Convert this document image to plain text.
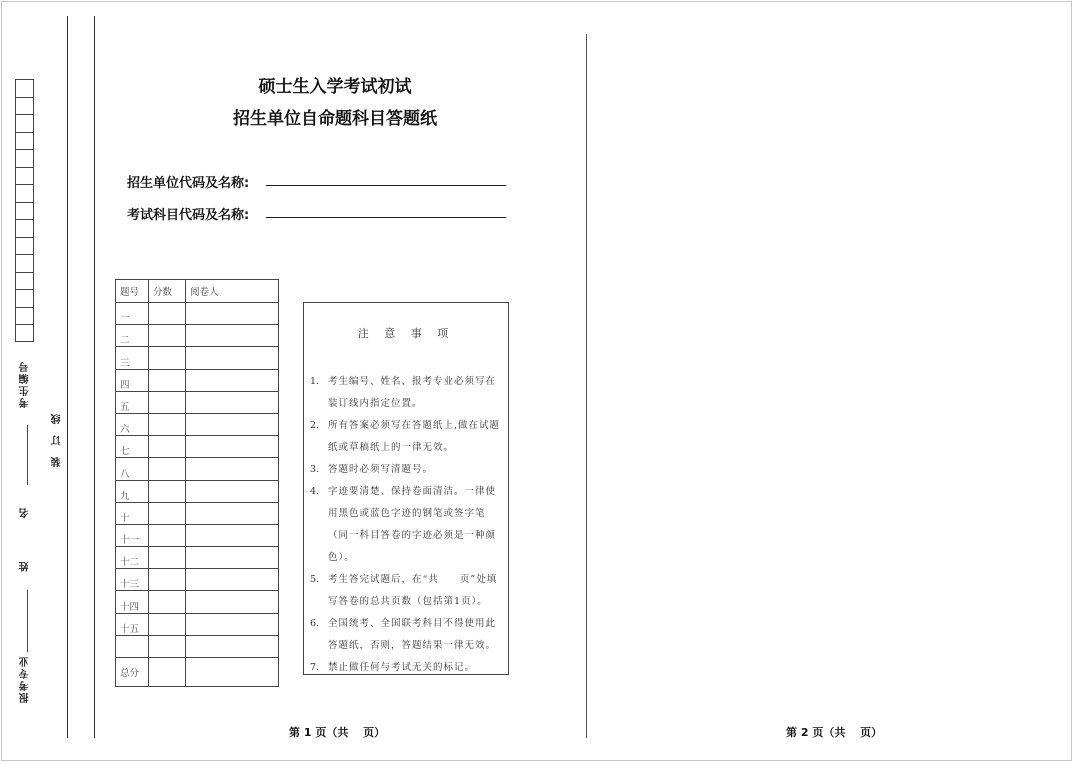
考生编号
装 订 线
姓 名
报考专业
硕士生入学考试初试
招生单位自命题科目答题纸
招生单位代码及名称:
考试科目代码及名称:
题号	分数	阅卷人
一		
二		
三		
四		
五		
六		
七		
八		
九		
十		
十一		
十二		
十三		
十四		
十五		

总分		
注 意 事 项
1. 考生编号、姓名、报考专业必须写在装订线内指定位置。
2. 所有答案必须写在答题纸上,做在试题纸或草稿纸上的一律无效。
3. 答题时必须写清题号。
4. 字迹要清楚、保持卷面清洁。一律使用黑色或蓝色字迹的钢笔或签字笔（同一科目答卷的字迹必须是一种颜色）。
5. 考生答完试题后，在“共　　页”处填写答卷的总共页数（包括第1页）。
6. 全国统考、全国联考科目不得使用此答题纸，否则，答题结果一律无效。
7. 禁止做任何与考试无关的标记。
第 1 页（共　 页）	第 2 页（共　 页）
